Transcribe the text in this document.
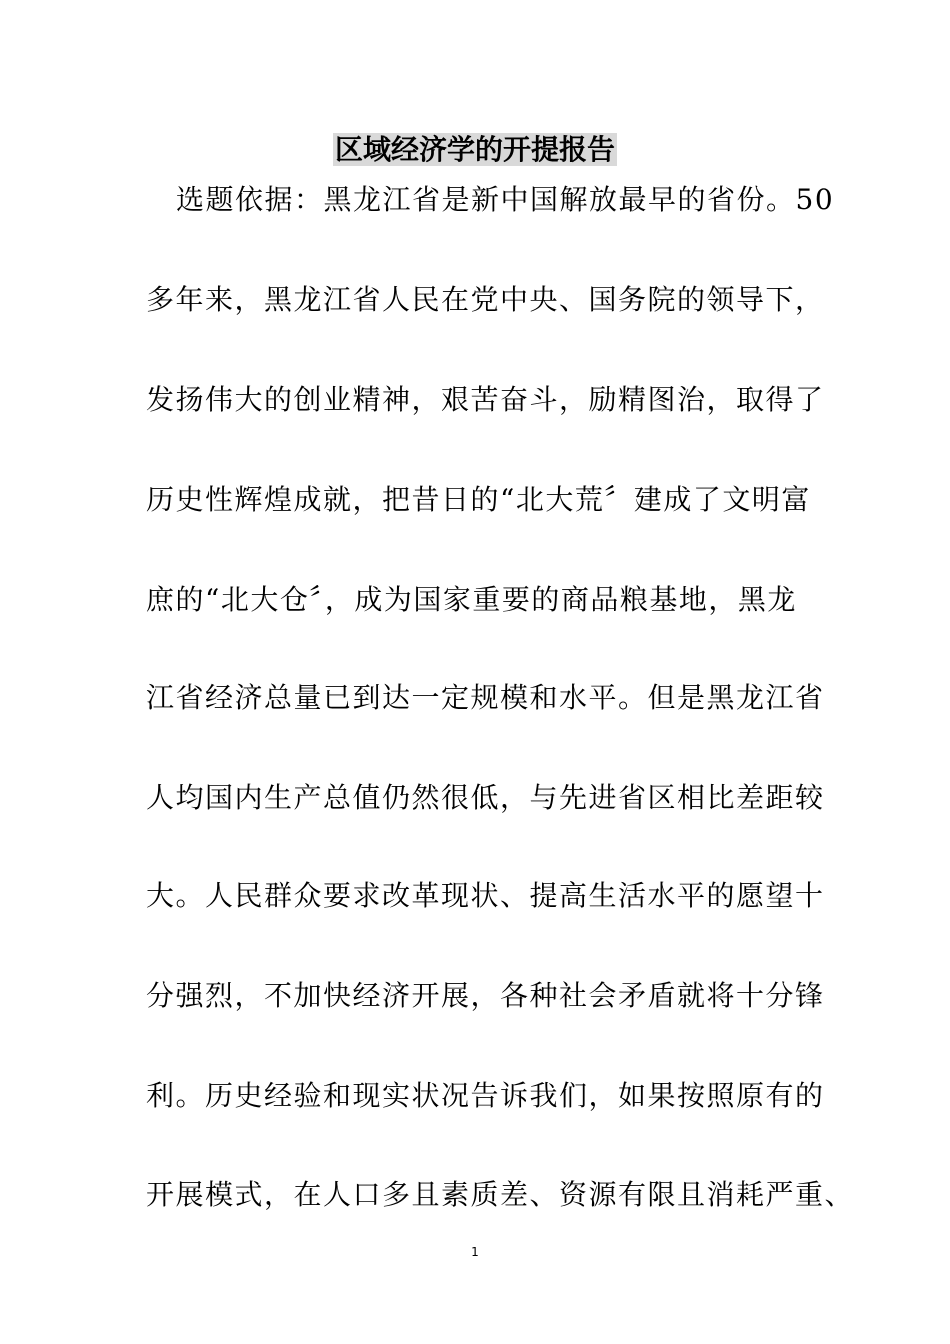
区域经济学的开提报告
选题依据：黑龙江省是新中国解放最早的省份。50
多年来，黑龙江省人民在党中央、国务院的领导下，
发扬伟大的创业精神，艰苦奋斗，励精图治，取得了
历史性辉煌成就，把昔日的“北大荒〞建成了文明富
庶的“北大仓〞，成为国家重要的商品粮基地，黑龙
江省经济总量已到达一定规模和水平。但是黑龙江省
人均国内生产总值仍然很低，与先进省区相比差距较
大。人民群众要求改革现状、提高生活水平的愿望十
分强烈，不加快经济开展，各种社会矛盾就将十分锋
利。历史经验和现实状况告诉我们，如果按照原有的
开展模式，在人口多且素质差、资源有限且消耗严重、
1
